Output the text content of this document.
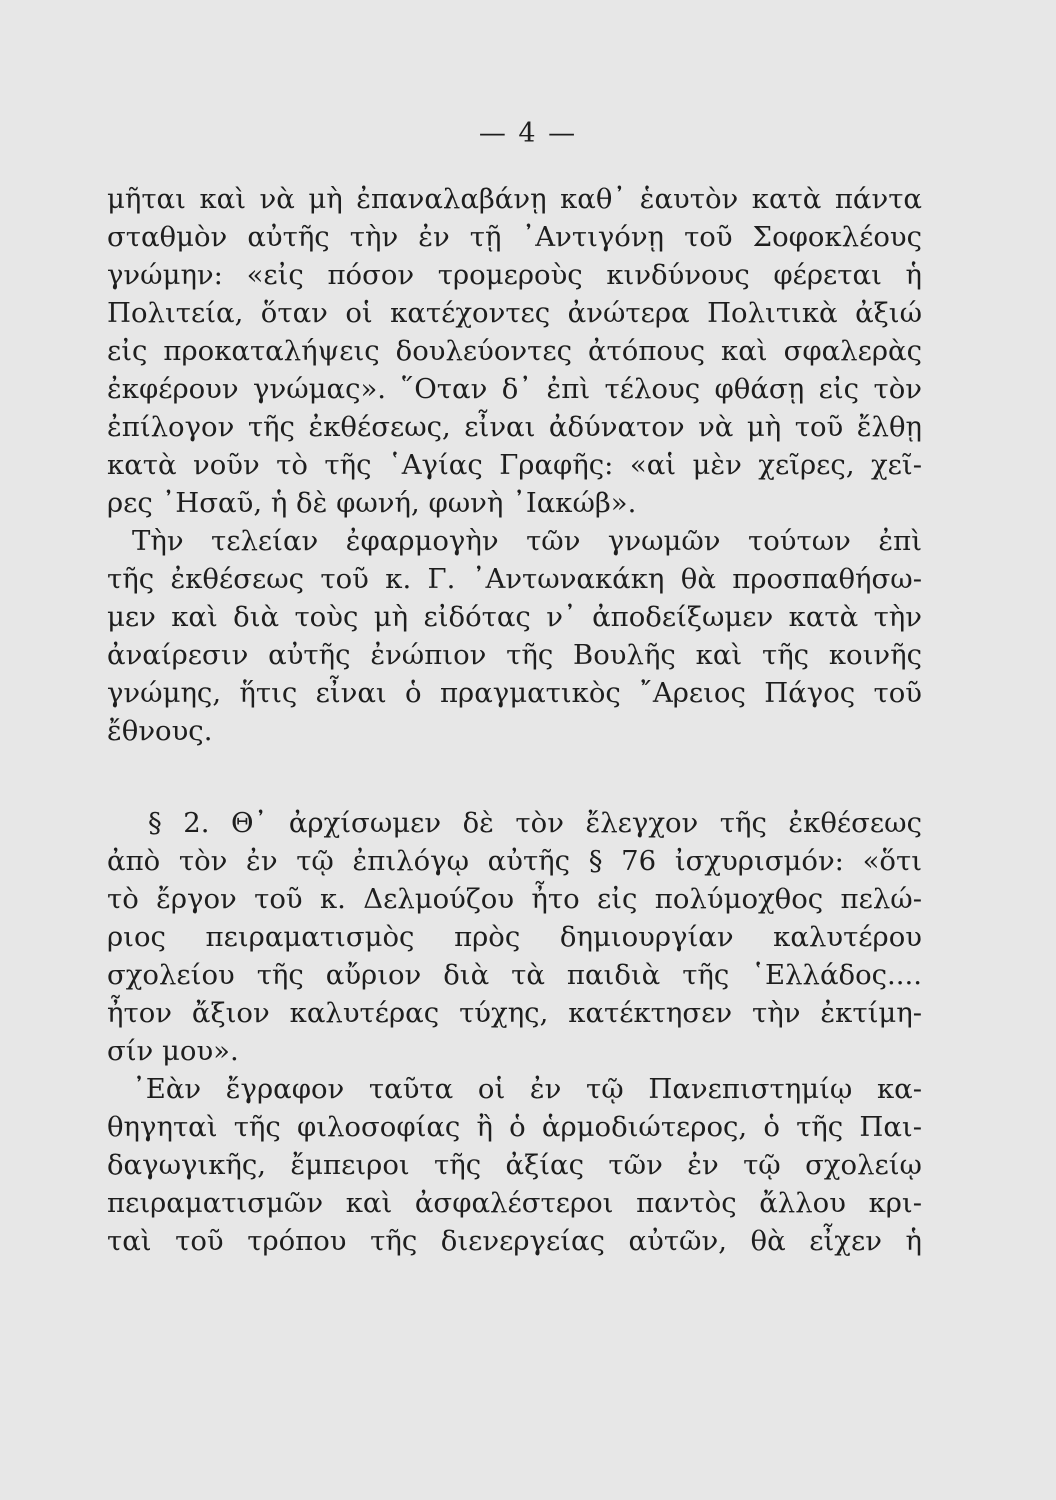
— 4 —
μῆται καὶ νὰ μὴ ἐπαναλαβάνῃ καθ᾽ ἑαυτὸν κατὰ πάντα
σταθμὸν αὐτῆς τὴν ἐν τῇ ᾿Αντιγόνῃ τοῦ Σοφοκλέους
γνώμην: «εἰς πόσον τρομεροὺς κινδύνους φέρεται ἡ
Πολιτεία, ὅταν οἱ κατέχοντες ἀνώτερα Πολιτικὰ ἀξιώ
εἰς προκαταλήψεις δουλεύοντες ἀτόπους καὶ σφαλερὰς
ἐκφέρουν γνώμας». ῞Οταν δ᾽ ἐπὶ τέλους φθάσῃ εἰς τὸν
ἐπίλογον τῆς ἐκθέσεως, εἶναι ἀδύνατον νὰ μὴ τοῦ ἔλθῃ
κατὰ νοῦν τὸ τῆς ῾Αγίας Γραφῆς: «αἱ μὲν χεῖρες, χεῖ-
ρες ᾿Ησαῦ, ἡ δὲ φωνή, φωνὴ ᾿Ιακώβ».
Τὴν τελείαν ἐφαρμογὴν τῶν γνωμῶν τούτων ἐπὶ
τῆς ἐκθέσεως τοῦ κ. Γ. ᾿Αντωνακάκη θὰ προσπαθήσω-
μεν καὶ διὰ τοὺς μὴ εἰδότας ν᾽ ἀποδείξωμεν κατὰ τὴν
ἀναίρεσιν αὐτῆς ἐνώπιον τῆς Βουλῆς καὶ τῆς κοινῆς
γνώμης, ἥτις εἶναι ὁ πραγματικὸς ῎Αρειος Πάγος τοῦ
ἔθνους.
§ 2. Θ᾽ ἀρχίσωμεν δὲ τὸν ἔλεγχον τῆς ἐκθέσεως
ἀπὸ τὸν ἐν τῷ ἐπιλόγῳ αὐτῆς § 76 ἰσχυρισμόν: «ὅτι
τὸ ἔργον τοῦ κ. Δελμούζου ἦτο εἰς πολύμοχθος πελώ-
ριος πειραματισμὸς πρὸς δημιουργίαν καλυτέρου
σχολείου τῆς αὔριον διὰ τὰ παιδιὰ τῆς ῾Ελλάδος....
ἦτον ἄξιον καλυτέρας τύχης, κατέκτησεν τὴν ἐκτίμη-
σίν μου».
᾿Εὰν ἔγραφον ταῦτα οἱ ἐν τῷ Πανεπιστημίῳ κα-
θηγηταὶ τῆς φιλοσοφίας ἢ ὁ ἁρμοδιώτερος, ὁ τῆς Παι-
δαγωγικῆς, ἔμπειροι τῆς ἀξίας τῶν ἐν τῷ σχολείῳ
πειραματισμῶν καὶ ἀσφαλέστεροι παντὸς ἄλλου κρι-
ταὶ τοῦ τρόπου τῆς διενεργείας αὐτῶν, θὰ εἶχεν ἡ
